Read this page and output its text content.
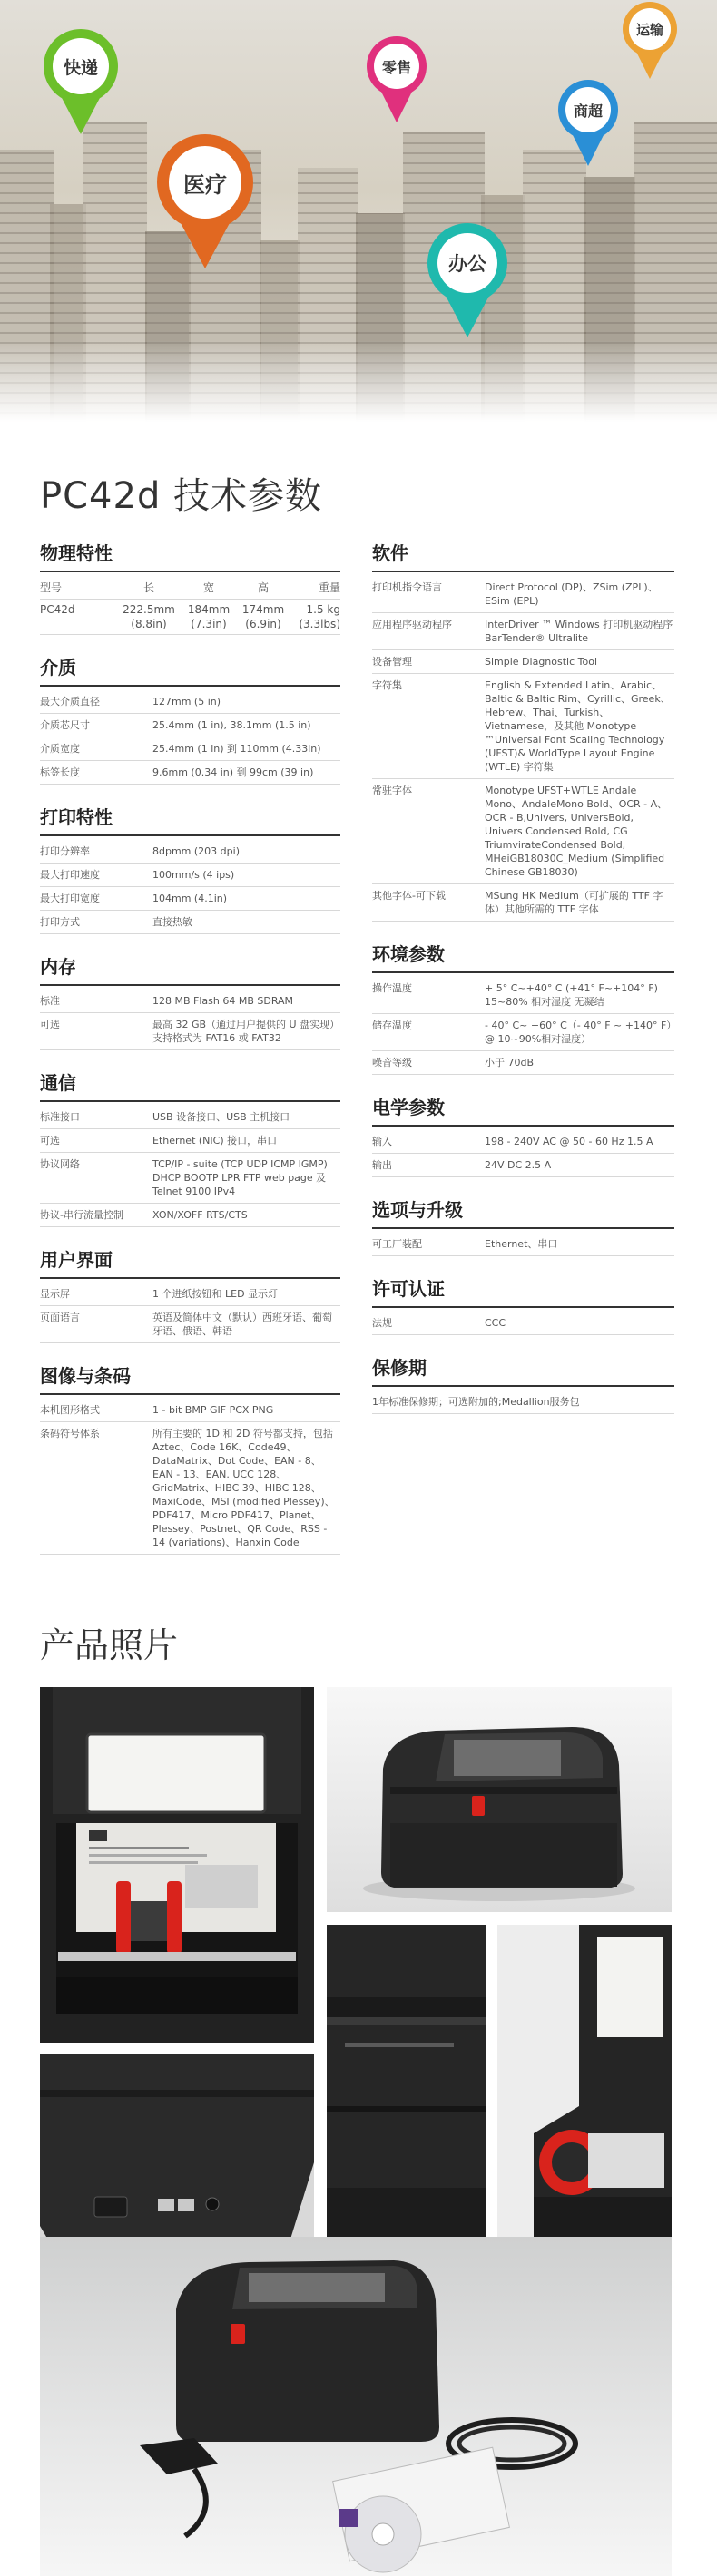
快递
医疗
零售
办公
商超
运输
PC42d 技术参数
物理特性
型号	长	宽	高	重量
PC42d	222.5mm	184mm	174mm	1.5 kg
(8.8in)	(7.3in)	(6.9in)	(3.3lbs)
介质
最大介质直径	127mm (5 in)
介质芯尺寸	25.4mm (1 in), 38.1mm (1.5 in)
介质宽度	25.4mm (1 in) 到 110mm (4.33in)
标签长度	9.6mm (0.34 in) 到 99cm (39 in)
打印特性
打印分辨率	8dpmm (203 dpi)
最大打印速度	100mm/s (4 ips)
最大打印宽度	104mm (4.1in)
打印方式	直接热敏
内存
标准	128 MB Flash 64 MB SDRAM
可选	最高 32 GB（通过用户提供的 U 盘实现）支持格式为 FAT16 或 FAT32
通信
标准接口	USB 设备接口、USB 主机接口
可选	Ethernet (NIC) 接口，串口
协议网络	TCP/IP - suite (TCP UDP ICMP IGMP) DHCP BOOTP LPR FTP web page 及 Telnet 9100 IPv4
协议-串行流量控制	XON/XOFF RTS/CTS
用户界面
显示屏	1 个进纸按钮和 LED 显示灯
页面语言	英语及简体中文（默认）西班牙语、葡萄牙语、俄语、韩语
图像与条码
本机图形格式	1 - bit BMP GIF PCX PNG
条码符号体系	所有主要的 1D 和 2D 符号都支持，包括 Aztec、Code 16K、Code49、DataMatrix、Dot Code、EAN - 8、EAN - 13、EAN. UCC 128、GridMatrix、HIBC 39、HIBC 128、MaxiCode、MSI (modified Plessey)、PDF417、Micro PDF417、Planet、Plessey、Postnet、QR Code、RSS - 14 (variations)、Hanxin Code
软件
打印机指令语言	Direct Protocol (DP)、ZSim (ZPL)、ESim (EPL)
应用程序驱动程序	InterDriver ™ Windows 打印机驱动程序 BarTender® Ultralite
设备管理	Simple Diagnostic Tool
字符集	English & Extended Latin、Arabic、Baltic & Baltic Rim、Cyrillic、Greek、Hebrew、Thai、Turkish、Vietnamese，及其他 Monotype ™Universal Font Scaling Technology (UFST)& WorldType Layout Engine (WTLE) 字符集
常驻字体	Monotype UFST+WTLE Andale Mono、AndaleMono Bold、OCR - A、OCR - B,Univers, UniversBold, Univers Condensed Bold, CG TriumvirateCondensed Bold, MHeiGB18030C_Medium (Simplified Chinese GB18030)
其他字体-可下载	MSung HK Medium（可扩展的 TTF 字体）其他所需的 TTF 字体
环境参数
操作温度	+ 5° C~+40° C (+41° F~+104° F) 15~80% 相对湿度 无凝结
储存温度	- 40° C~ +60° C（- 40° F ~ +140° F）@ 10~90%相对湿度）
噪音等级	小于 70dB
电学参数
输入	198 - 240V AC @ 50 - 60 Hz 1.5 A
输出	24V DC 2.5 A
选项与升级
可工厂装配	Ethernet、串口
许可认证
法规	CCC
保修期
1年标准保修期；可选附加的;Medallion服务包
产品照片
